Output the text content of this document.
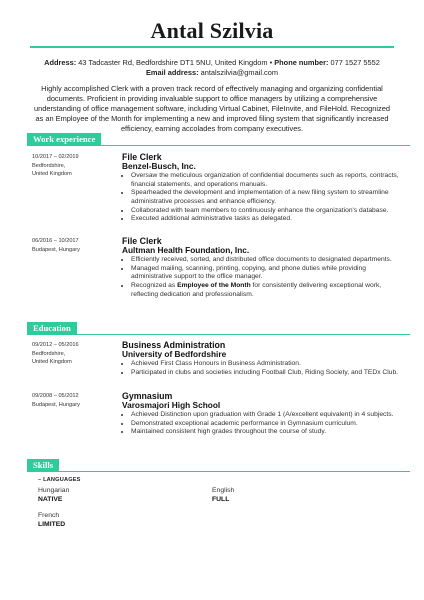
Antal Szilvia
Address: 43 Tadcaster Rd, Bedfordshire DT1 5NU, United Kingdom • Phone number: 077 1527 5552
Email address: antalszilvia@gmail.com
Highly accomplished Clerk with a proven track record of effectively managing and organizing confidential documents. Proficient in providing invaluable support to office managers by utilizing a comprehensive understanding of office management software, including Virtual Cabinet, FileInvite, and FileHold. Recognized as an Employee of the Month for implementing a new and improved filing system that significantly increased efficiency, earning accolades from company executives.
Work experience
10/2017 – 02/2019
Bedfordshire,
United Kingdom
File Clerk
Benzel-Busch, Inc.
• Oversaw the meticulous organization of confidential documents such as reports, contracts, financial statements, and operations manuals.
• Spearheaded the development and implementation of a new filing system to streamline administrative processes and enhance efficiency.
• Collaborated with team members to continuously enhance the organization's database.
• Executed additional administrative tasks as delegated.
06/2016 – 10/2017
Budapest, Hungary
File Clerk
Aultman Health Foundation, Inc.
• Efficiently received, sorted, and distributed office documents to designated departments.
• Managed mailing, scanning, printing, copying, and phone duties while providing administrative support to the office manager.
• Recognized as Employee of the Month for consistently delivering exceptional work, reflecting dedication and professionalism.
Education
09/2012 – 05/2016
Bedfordshire,
United Kingdom
Business Administration
University of Bedfordshire
• Achieved First Class Honours in Business Administration.
• Participated in clubs and societies including Football Club, Riding Society, and TEDx Club.
09/2008 – 05/2012
Budapest, Hungary
Gymnasium
Varosmajori High School
• Achieved Distinction upon graduation with Grade 1 (A/excellent equivalent) in 4 subjects.
• Demonstrated exceptional academic performance in Gymnasium curriculum.
• Maintained consistent high grades throughout the course of study.
Skills
– LANGUAGES
Hungarian
NATIVE
English
FULL
French
LIMITED
